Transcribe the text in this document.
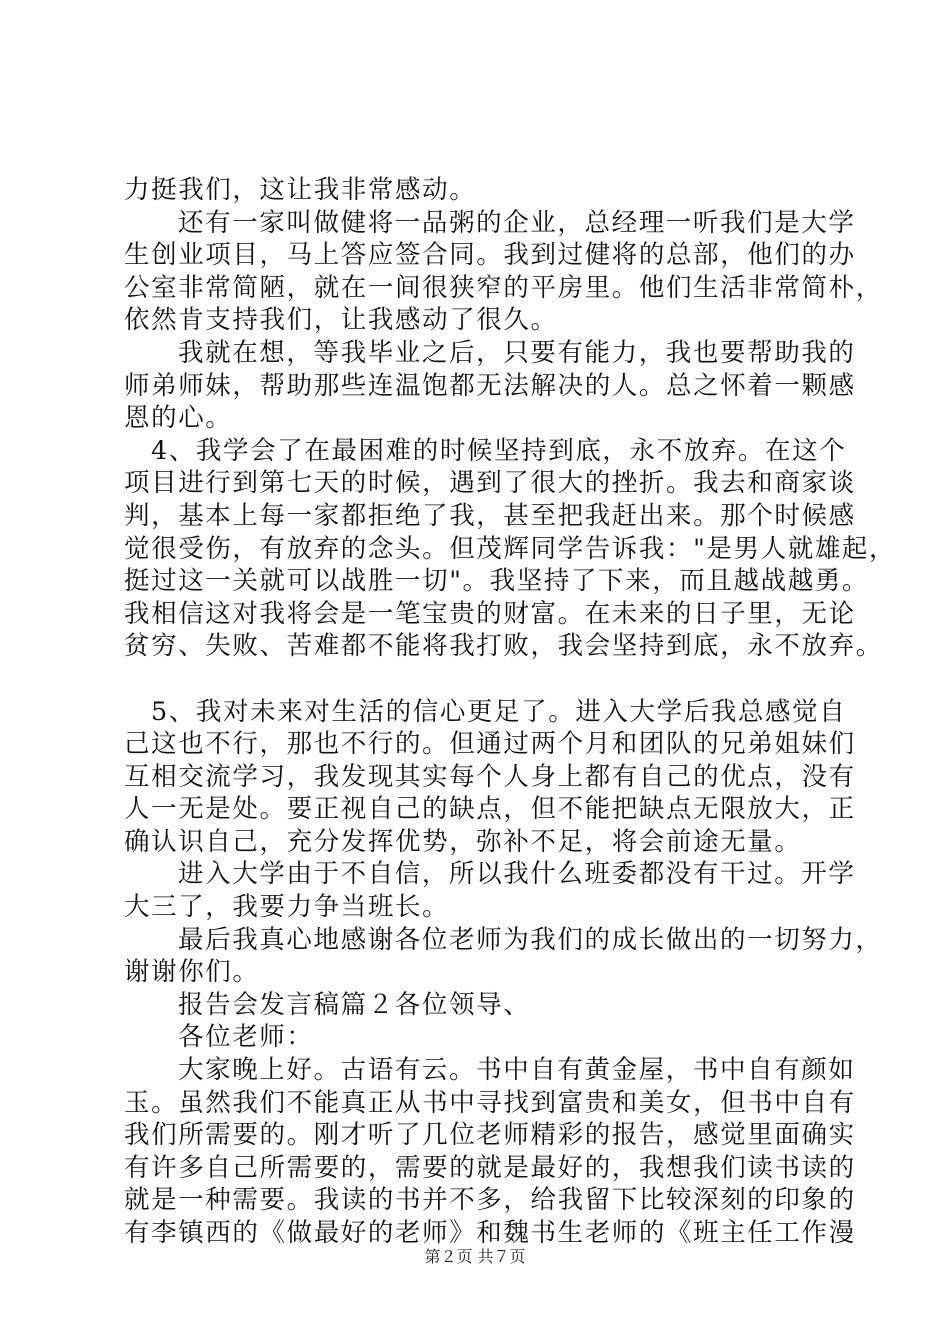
力挺我们，这让我非常感动。
还有一家叫做健将一品粥的企业，总经理一听我们是大学
生创业项目，马上答应签合同。我到过健将的总部，他们的办
公室非常简陋，就在一间很狭窄的平房里。他们生活非常简朴，
依然肯支持我们，让我感动了很久。
我就在想，等我毕业之后，只要有能力，我也要帮助我的
师弟师妹，帮助那些连温饱都无法解决的人。总之怀着一颗感
恩的心。
4、我学会了在最困难的时候坚持到底，永不放弃。在这个
项目进行到第七天的时候，遇到了很大的挫折。我去和商家谈
判，基本上每一家都拒绝了我，甚至把我赶出来。那个时候感
觉很受伤，有放弃的念头。但茂辉同学告诉我："是男人就雄起，
挺过这一关就可以战胜一切"。我坚持了下来，而且越战越勇。
我相信这对我将会是一笔宝贵的财富。在未来的日子里，无论
贫穷、失败、苦难都不能将我打败，我会坚持到底，永不放弃。
5、我对未来对生活的信心更足了。进入大学后我总感觉自
己这也不行，那也不行的。但通过两个月和团队的兄弟姐妹们
互相交流学习，我发现其实每个人身上都有自己的优点，没有
人一无是处。要正视自己的缺点，但不能把缺点无限放大，正
确认识自己，充分发挥优势，弥补不足，将会前途无量。
进入大学由于不自信，所以我什么班委都没有干过。开学
大三了，我要力争当班长。
最后我真心地感谢各位老师为我们的成长做出的一切努力，
谢谢你们。
报告会发言稿篇２各位领导、
各位老师：
大家晚上好。古语有云。书中自有黄金屋，书中自有颜如
玉。虽然我们不能真正从书中寻找到富贵和美女，但书中自有
我们所需要的。刚才听了几位老师精彩的报告，感觉里面确实
有许多自己所需要的，需要的就是最好的，我想我们读书读的
就是一种需要。我读的书并不多，给我留下比较深刻的印象的
有李镇西的《做最好的老师》和魏书生老师的《班主任工作漫
第２页 共７页
